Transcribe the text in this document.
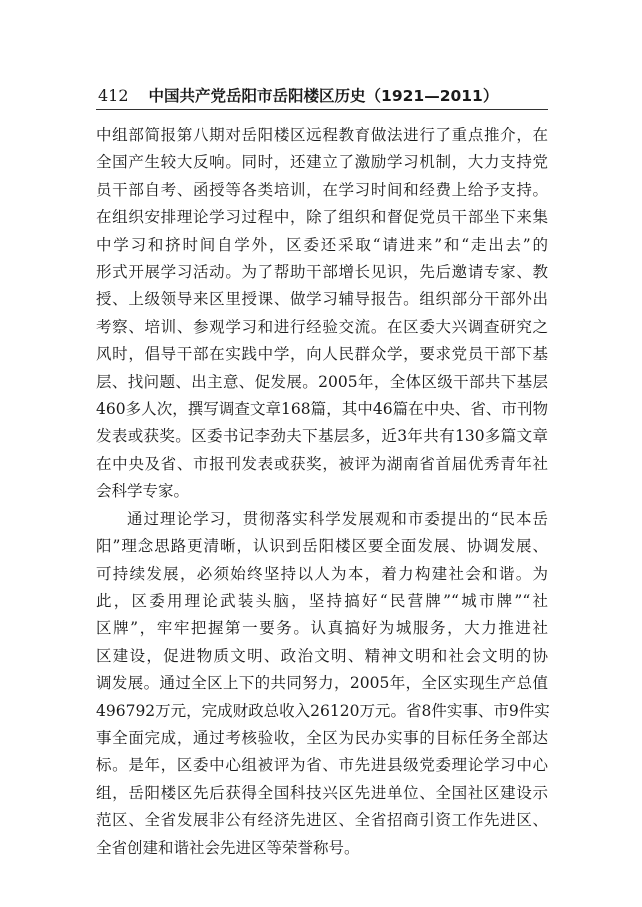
412 中国共产党岳阳市岳阳楼区历史（1921—2011）
中组部简报第八期对岳阳楼区远程教育做法进行了重点推介，在
全国产生较大反响。同时，还建立了激励学习机制，大力支持党
员干部自考、函授等各类培训，在学习时间和经费上给予支持。
在组织安排理论学习过程中，除了组织和督促党员干部坐下来集
中学习和挤时间自学外，区委还采取“请进来”和“走出去”的
形式开展学习活动。为了帮助干部增长见识，先后邀请专家、教
授、上级领导来区里授课、做学习辅导报告。组织部分干部外出
考察、培训、参观学习和进行经验交流。在区委大兴调查研究之
风时，倡导干部在实践中学，向人民群众学，要求党员干部下基
层、找问题、出主意、促发展。2005年，全体区级干部共下基层
460多人次，撰写调查文章168篇，其中46篇在中央、省、市刊物
发表或获奖。区委书记李劲夫下基层多，近3年共有130多篇文章
在中央及省、市报刊发表或获奖，被评为湖南省首届优秀青年社
会科学专家。
通过理论学习，贯彻落实科学发展观和市委提出的“民本岳
阳”理念思路更清晰，认识到岳阳楼区要全面发展、协调发展、
可持续发展，必须始终坚持以人为本，着力构建社会和谐。为
此，区委用理论武装头脑，坚持搞好“民营牌”“城市牌”“社
区牌”，牢牢把握第一要务。认真搞好为城服务，大力推进社
区建设，促进物质文明、政治文明、精神文明和社会文明的协
调发展。通过全区上下的共同努力，2005年，全区实现生产总值
496792万元，完成财政总收入26120万元。省8件实事、市9件实
事全面完成，通过考核验收，全区为民办实事的目标任务全部达
标。是年，区委中心组被评为省、市先进县级党委理论学习中心
组，岳阳楼区先后获得全国科技兴区先进单位、全国社区建设示
范区、全省发展非公有经济先进区、全省招商引资工作先进区、
全省创建和谐社会先进区等荣誉称号。
